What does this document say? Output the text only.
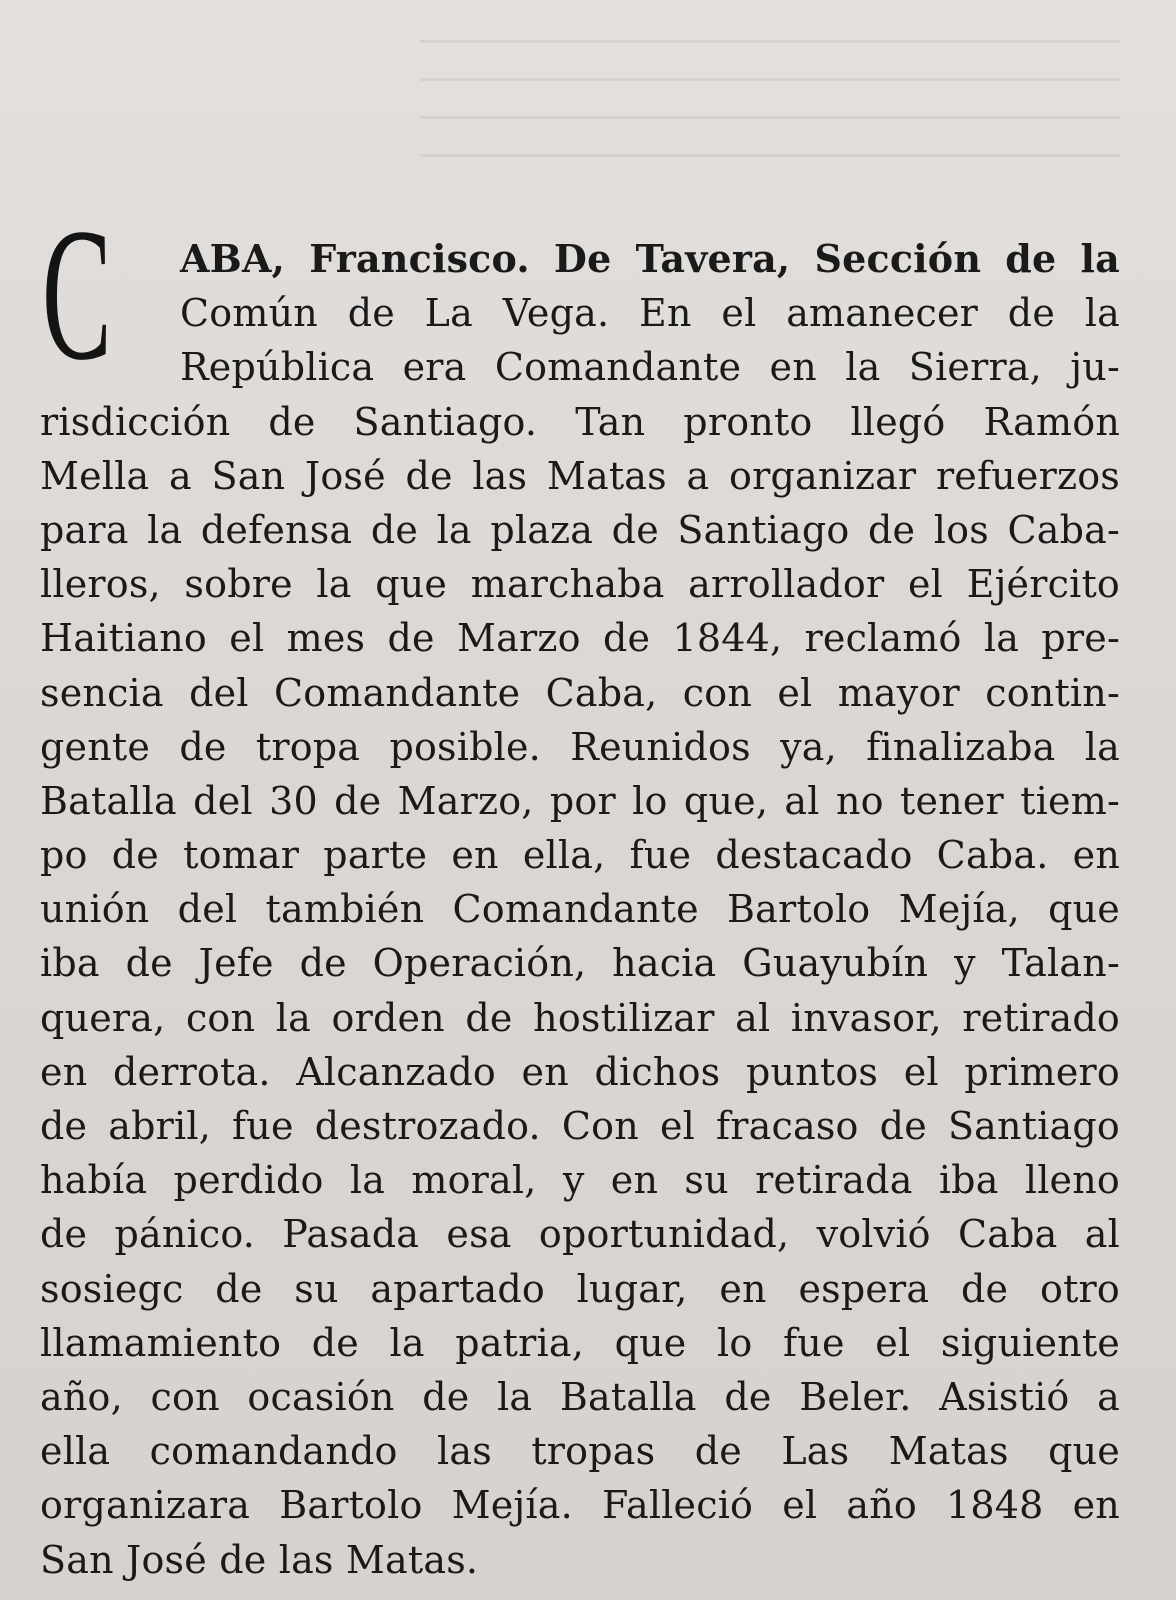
C ABA, Francisco. De Tavera, Sección de la
Común de La Vega. En el amanecer de la
República era Comandante en la Sierra, ju-
risdicción de Santiago. Tan pronto llegó Ramón
Mella a San José de las Matas a organizar refuerzos
para la defensa de la plaza de Santiago de los Caba-
lleros, sobre la que marchaba arrollador el Ejército
Haitiano el mes de Marzo de 1844, reclamó la pre-
sencia del Comandante Caba, con el mayor contin-
gente de tropa posible. Reunidos ya, finalizaba la
Batalla del 30 de Marzo, por lo que, al no tener tiem-
po de tomar parte en ella, fue destacado Caba. en
unión del también Comandante Bartolo Mejía, que
iba de Jefe de Operación, hacia Guayubín y Talan-
quera, con la orden de hostilizar al invasor, retirado
en derrota. Alcanzado en dichos puntos el primero
de abril, fue destrozado. Con el fracaso de Santiago
había perdido la moral, y en su retirada iba lleno
de pánico. Pasada esa oportunidad, volvió Caba al
sosiegc de su apartado lugar, en espera de otro
llamamiento de la patria, que lo fue el siguiente
año, con ocasión de la Batalla de Beler. Asistió a
ella comandando las tropas de Las Matas que
organizara Bartolo Mejía. Falleció el año 1848 en
San José de las Matas.
